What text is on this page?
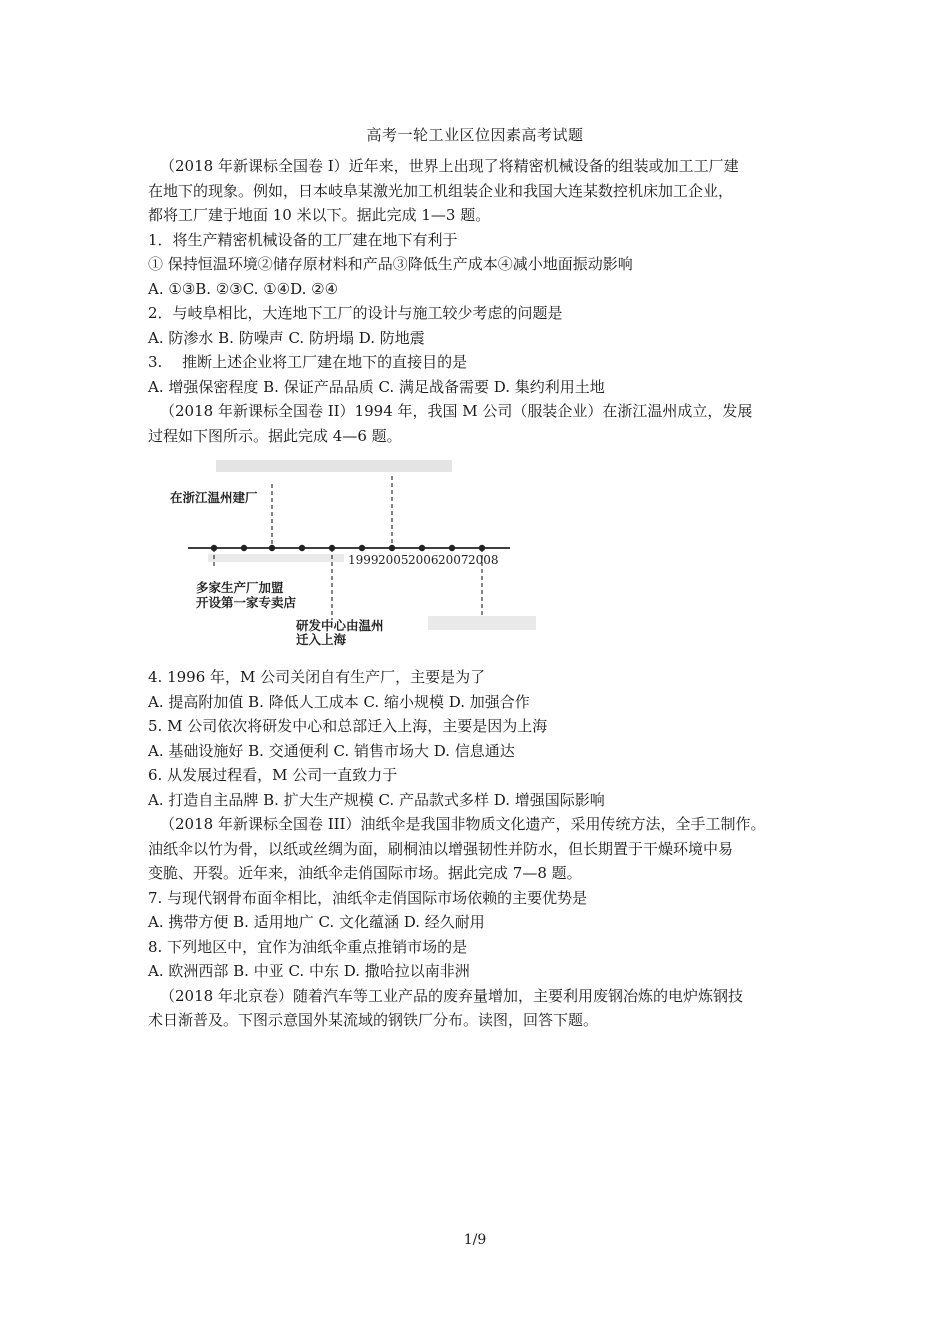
高考一轮工业区位因素高考试题

（2018 年新课标全国卷 I）近年来，世界上出现了将精密机械设备的组装或加工工厂建

在地下的现象。例如，日本岐阜某激光加工机组装企业和我国大连某数控机床加工企业，

都将工厂建于地面 10 米以下。据此完成 1—3 题。

1．将生产精密机械设备的工厂建在地下有利于

① 保持恒温环境②储存原材料和产品③降低生产成本④减小地面振动影响

A. ①③B. ②③C. ①④D. ②④

2．与岐阜相比，大连地下工厂的设计与施工较少考虑的问题是

A. 防渗水 B. 防噪声 C. 防坍塌 D. 防地震

3.　 推断上述企业将工厂建在地下的直接目的是

A. 增强保密程度 B. 保证产品品质 C. 满足战备需要 D. 集约利用土地

（2018 年新课标全国卷 II）1994 年，我国 M 公司（服装企业）在浙江温州成立，发展

过程如下图所示。据此完成 4—6 题。

在浙江温州建厂
1999 2005 2006 2007 2008
多家生产厂加盟
开设第一家专卖店
研发中心由温州
迁入上海

4. 1996 年，M 公司关闭自有生产厂，主要是为了

A. 提高附加值 B. 降低人工成本 C. 缩小规模 D. 加强合作

5. M 公司依次将研发中心和总部迁入上海，主要是因为上海

A. 基础设施好 B. 交通便利 C. 销售市场大 D. 信息通达

6. 从发展过程看，M 公司一直致力于

A. 打造自主品牌 B. 扩大生产规模 C. 产品款式多样 D. 增强国际影响

（2018 年新课标全国卷 III）油纸伞是我国非物质文化遗产，采用传统方法，全手工制作。

油纸伞以竹为骨，以纸或丝绸为面，刷桐油以增强韧性并防水，但长期置于干燥环境中易

变脆、开裂。近年来，油纸伞走俏国际市场。据此完成 7—8 题。

7. 与现代钢骨布面伞相比，油纸伞走俏国际市场依赖的主要优势是

A. 携带方便 B. 适用地广 C. 文化蕴涵 D. 经久耐用

8. 下列地区中，宜作为油纸伞重点推销市场的是

A. 欧洲西部 B. 中亚 C. 中东 D. 撒哈拉以南非洲

（2018 年北京卷）随着汽车等工业产品的废弃量增加，主要利用废钢冶炼的电炉炼钢技

术日渐普及。下图示意国外某流域的钢铁厂分布。读图，回答下题。

1/9
